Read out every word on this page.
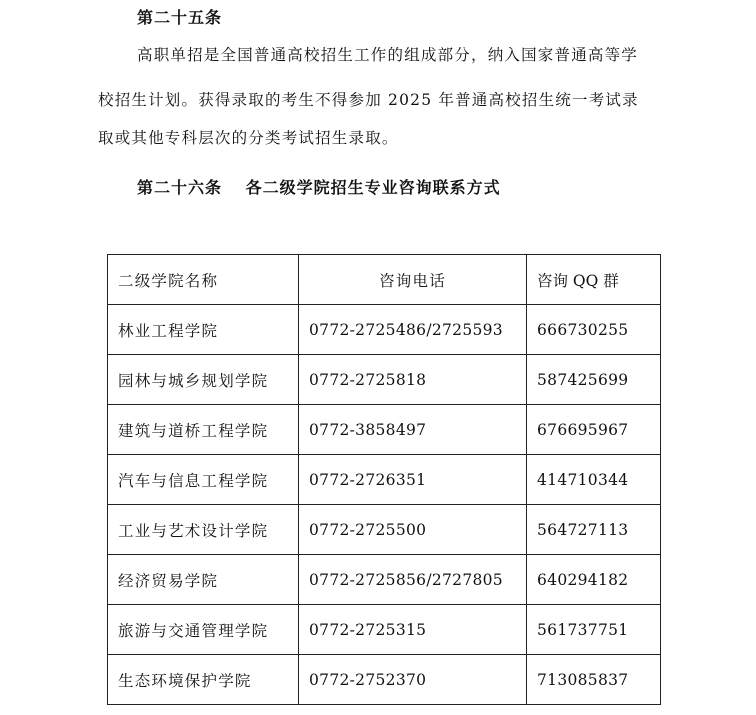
第二十五条

高职单招是全国普通高校招生工作的组成部分，纳入国家普通高等学

校招生计划。获得录取的考生不得参加 2025 年普通高校招生统一考试录

取或其他专科层次的分类考试招生录取。

第二十六条　 各二级学院招生专业咨询联系方式
二级学院名称	咨询电话	咨询 QQ 群
林业工程学院	0772-2725486/2725593	666730255
园林与城乡规划学院	0772-2725818	587425699
建筑与道桥工程学院	0772-3858497	676695967
汽车与信息工程学院	0772-2726351	414710344
工业与艺术设计学院	0772-2725500	564727113
经济贸易学院	0772-2725856/2727805	640294182
旅游与交通管理学院	0772-2725315	561737751
生态环境保护学院	0772-2752370	713085837
